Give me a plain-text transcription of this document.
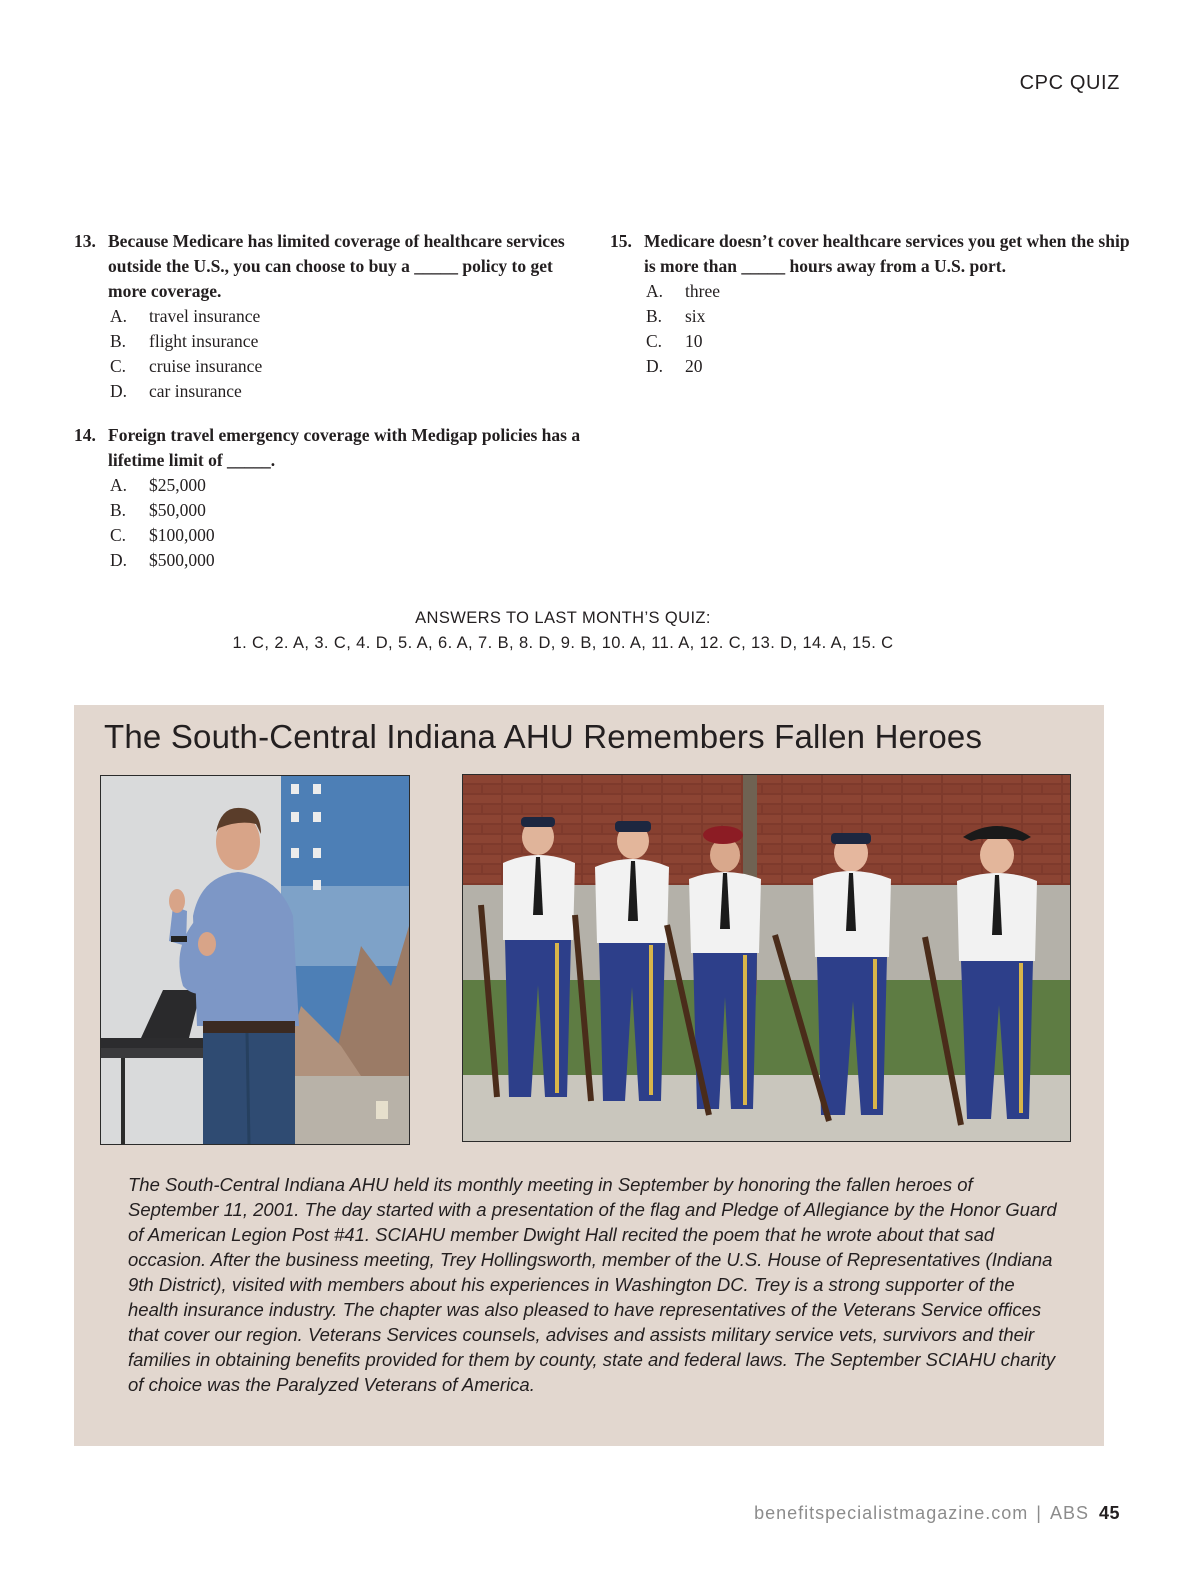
CPC QUIZ
13. Because Medicare has limited coverage of healthcare services outside the U.S., you can choose to buy a _____ policy to get more coverage.
A. travel insurance
B. flight insurance
C. cruise insurance
D. car insurance
14. Foreign travel emergency coverage with Medigap policies has a lifetime limit of _____.
A. $25,000
B. $50,000
C. $100,000
D. $500,000
15. Medicare doesn’t cover healthcare services you get when the ship is more than _____ hours away from a U.S. port.
A. three
B. six
C. 10
D. 20
ANSWERS TO LAST MONTH’S QUIZ:
1. C, 2. A, 3. C, 4. D, 5. A, 6. A, 7. B, 8. D, 9. B, 10. A, 11. A, 12. C, 13. D, 14. A, 15. C
The South-Central Indiana AHU Remembers Fallen Heroes
The South-Central Indiana AHU held its monthly meeting in September by honoring the fallen heroes of September 11, 2001. The day started with a presentation of the flag and Pledge of Allegiance by the Honor Guard of American Legion Post #41. SCIAHU member Dwight Hall recited the poem that he wrote about that sad occasion. After the business meeting, Trey Hollingsworth, member of the U.S. House of Representatives (Indiana 9th District), visited with members about his experiences in Washington DC. Trey is a strong supporter of the health insurance industry. The chapter was also pleased to have representatives of the Veterans Service offices that cover our region. Veterans Services counsels, advises and assists military service vets, survivors and their families in obtaining benefits provided for them by county, state and federal laws. The September SCIAHU charity of choice was the Paralyzed Veterans of America.
benefitspecialistmagazine.com | ABS 45
